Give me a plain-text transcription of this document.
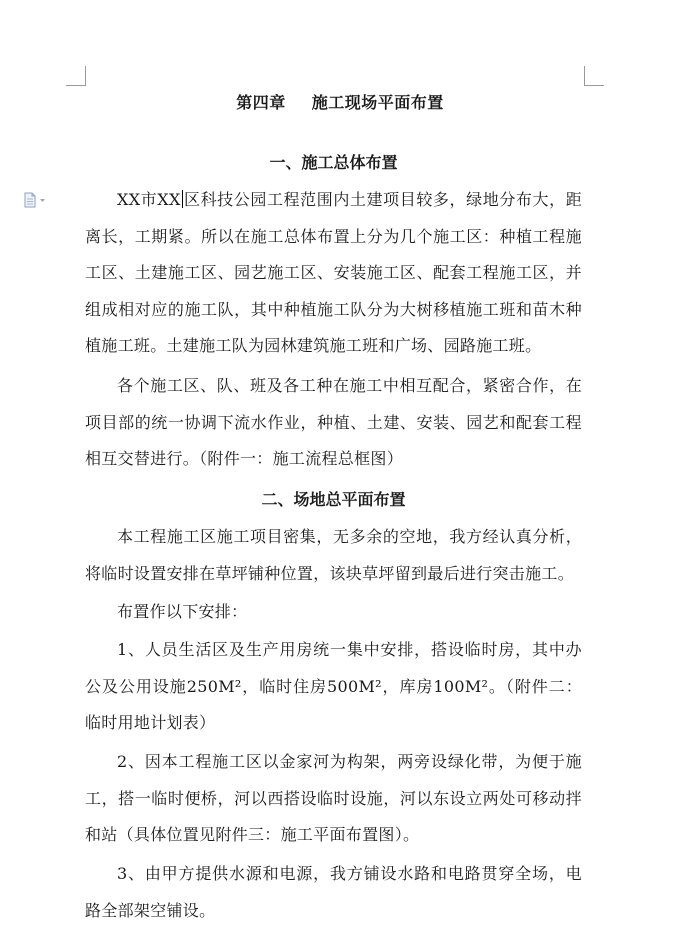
第四章 施工现场平面布置
一、施工总体布置

XX市XX 区科技公园工程范围内土建项目较多，绿地分布大，距离长，工期紧。所以在施工总体布置上分为几个施工区：种植工程施工区、土建施工区、园艺施工区、安装施工区、配套工程施工区，并组成相对应的施工队，其中种植施工队分为大树移植施工班和苗木种植施工班。土建施工队为园林建筑施工班和广场、园路施工班。

各个施工区、队、班及各工种在施工中相互配合，紧密合作，在项目部的统一协调下流水作业，种植、土建、安装、园艺和配套工程相互交替进行。（附件一：施工流程总框图）

二、场地总平面布置

本工程施工区施工项目密集，无多余的空地，我方经认真分析，将临时设置安排在草坪铺种位置，该块草坪留到最后进行突击施工。

布置作以下安排：

1、人员生活区及生产用房统一集中安排，搭设临时房，其中办公及公用设施250M²，临时住房500M²，库房100M²。（附件二：临时用地计划表）

2、因本工程施工区以金家河为构架，两旁设绿化带，为便于施工，搭一临时便桥，河以西搭设临时设施，河以东设立两处可移动拌和站（具体位置见附件三：施工平面布置图）。

3、由甲方提供水源和电源，我方铺设水路和电路贯穿全场，电路全部架空铺设。
